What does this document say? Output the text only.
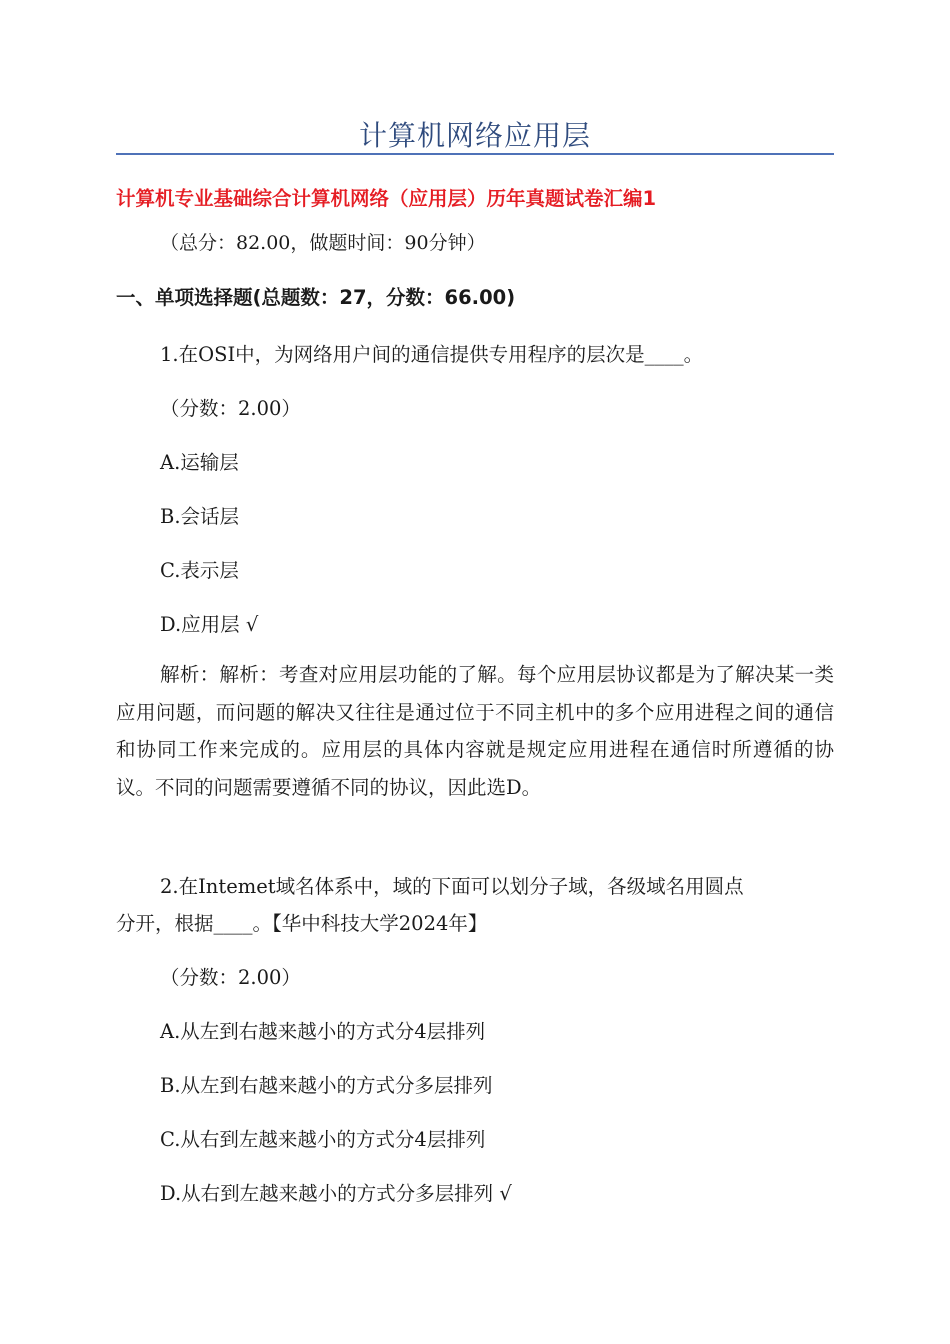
计算机网络应用层
计算机专业基础综合计算机网络（应用层）历年真题试卷汇编1
（总分：82.00，做题时间：90分钟）
一、单项选择题(总题数：27，分数：66.00)
1.在OSI中，为网络用户间的通信提供专用程序的层次是____。
（分数：2.00）
A.运输层
B.会话层
C.表示层
D.应用层 √
解析：解析：考查对应用层功能的了解。每个应用层协议都是为了解决某一类应用问题，而问题的解决又往往是通过位于不同主机中的多个应用进程之间的通信和协同工作来完成的。应用层的具体内容就是规定应用进程在通信时所遵循的协议。不同的问题需要遵循不同的协议，因此选D。
2.在Intemet域名体系中，域的下面可以划分子域，各级域名用圆点
分开，根据____。【华中科技大学2024年】
（分数：2.00）
A.从左到右越来越小的方式分4层排列
B.从左到右越来越小的方式分多层排列
C.从右到左越来越小的方式分4层排列
D.从右到左越来越小的方式分多层排列 √
